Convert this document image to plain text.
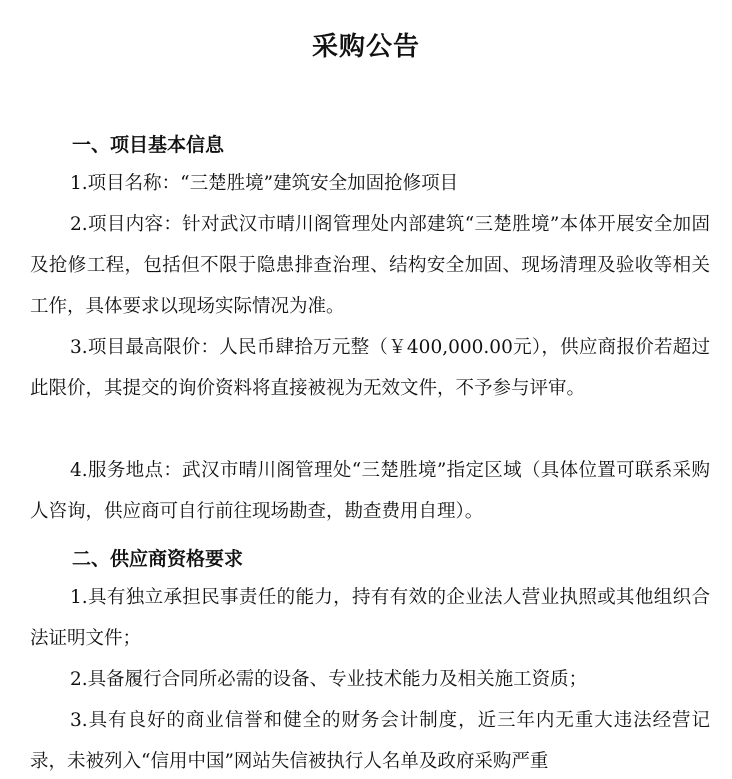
采购公告
一、项目基本信息

1.项目名称：“三楚胜境”建筑安全加固抢修项目

2.项目内容：针对武汉市晴川阁管理处内部建筑“三楚胜境”本体开展安全加固及抢修工程，包括但不限于隐患排查治理、结构安全加固、现场清理及验收等相关工作，具体要求以现场实际情况为准。

3.项目最高限价：人民币肆拾万元整（￥400,000.00元），供应商报价若超过此限价，其提交的询价资料将直接被视为无效文件，不予参与评审。

4.服务地点：武汉市晴川阁管理处“三楚胜境”指定区域（具体位置可联系采购人咨询，供应商可自行前往现场勘查，勘查费用自理）。

二、供应商资格要求

1.具有独立承担民事责任的能力，持有有效的企业法人营业执照或其他组织合法证明文件；

2.具备履行合同所必需的设备、专业技术能力及相关施工资质；

3.具有良好的商业信誉和健全的财务会计制度，近三年内无重大违法经营记录，未被列入“信用中国”网站失信被执行人名单及政府采购严重
